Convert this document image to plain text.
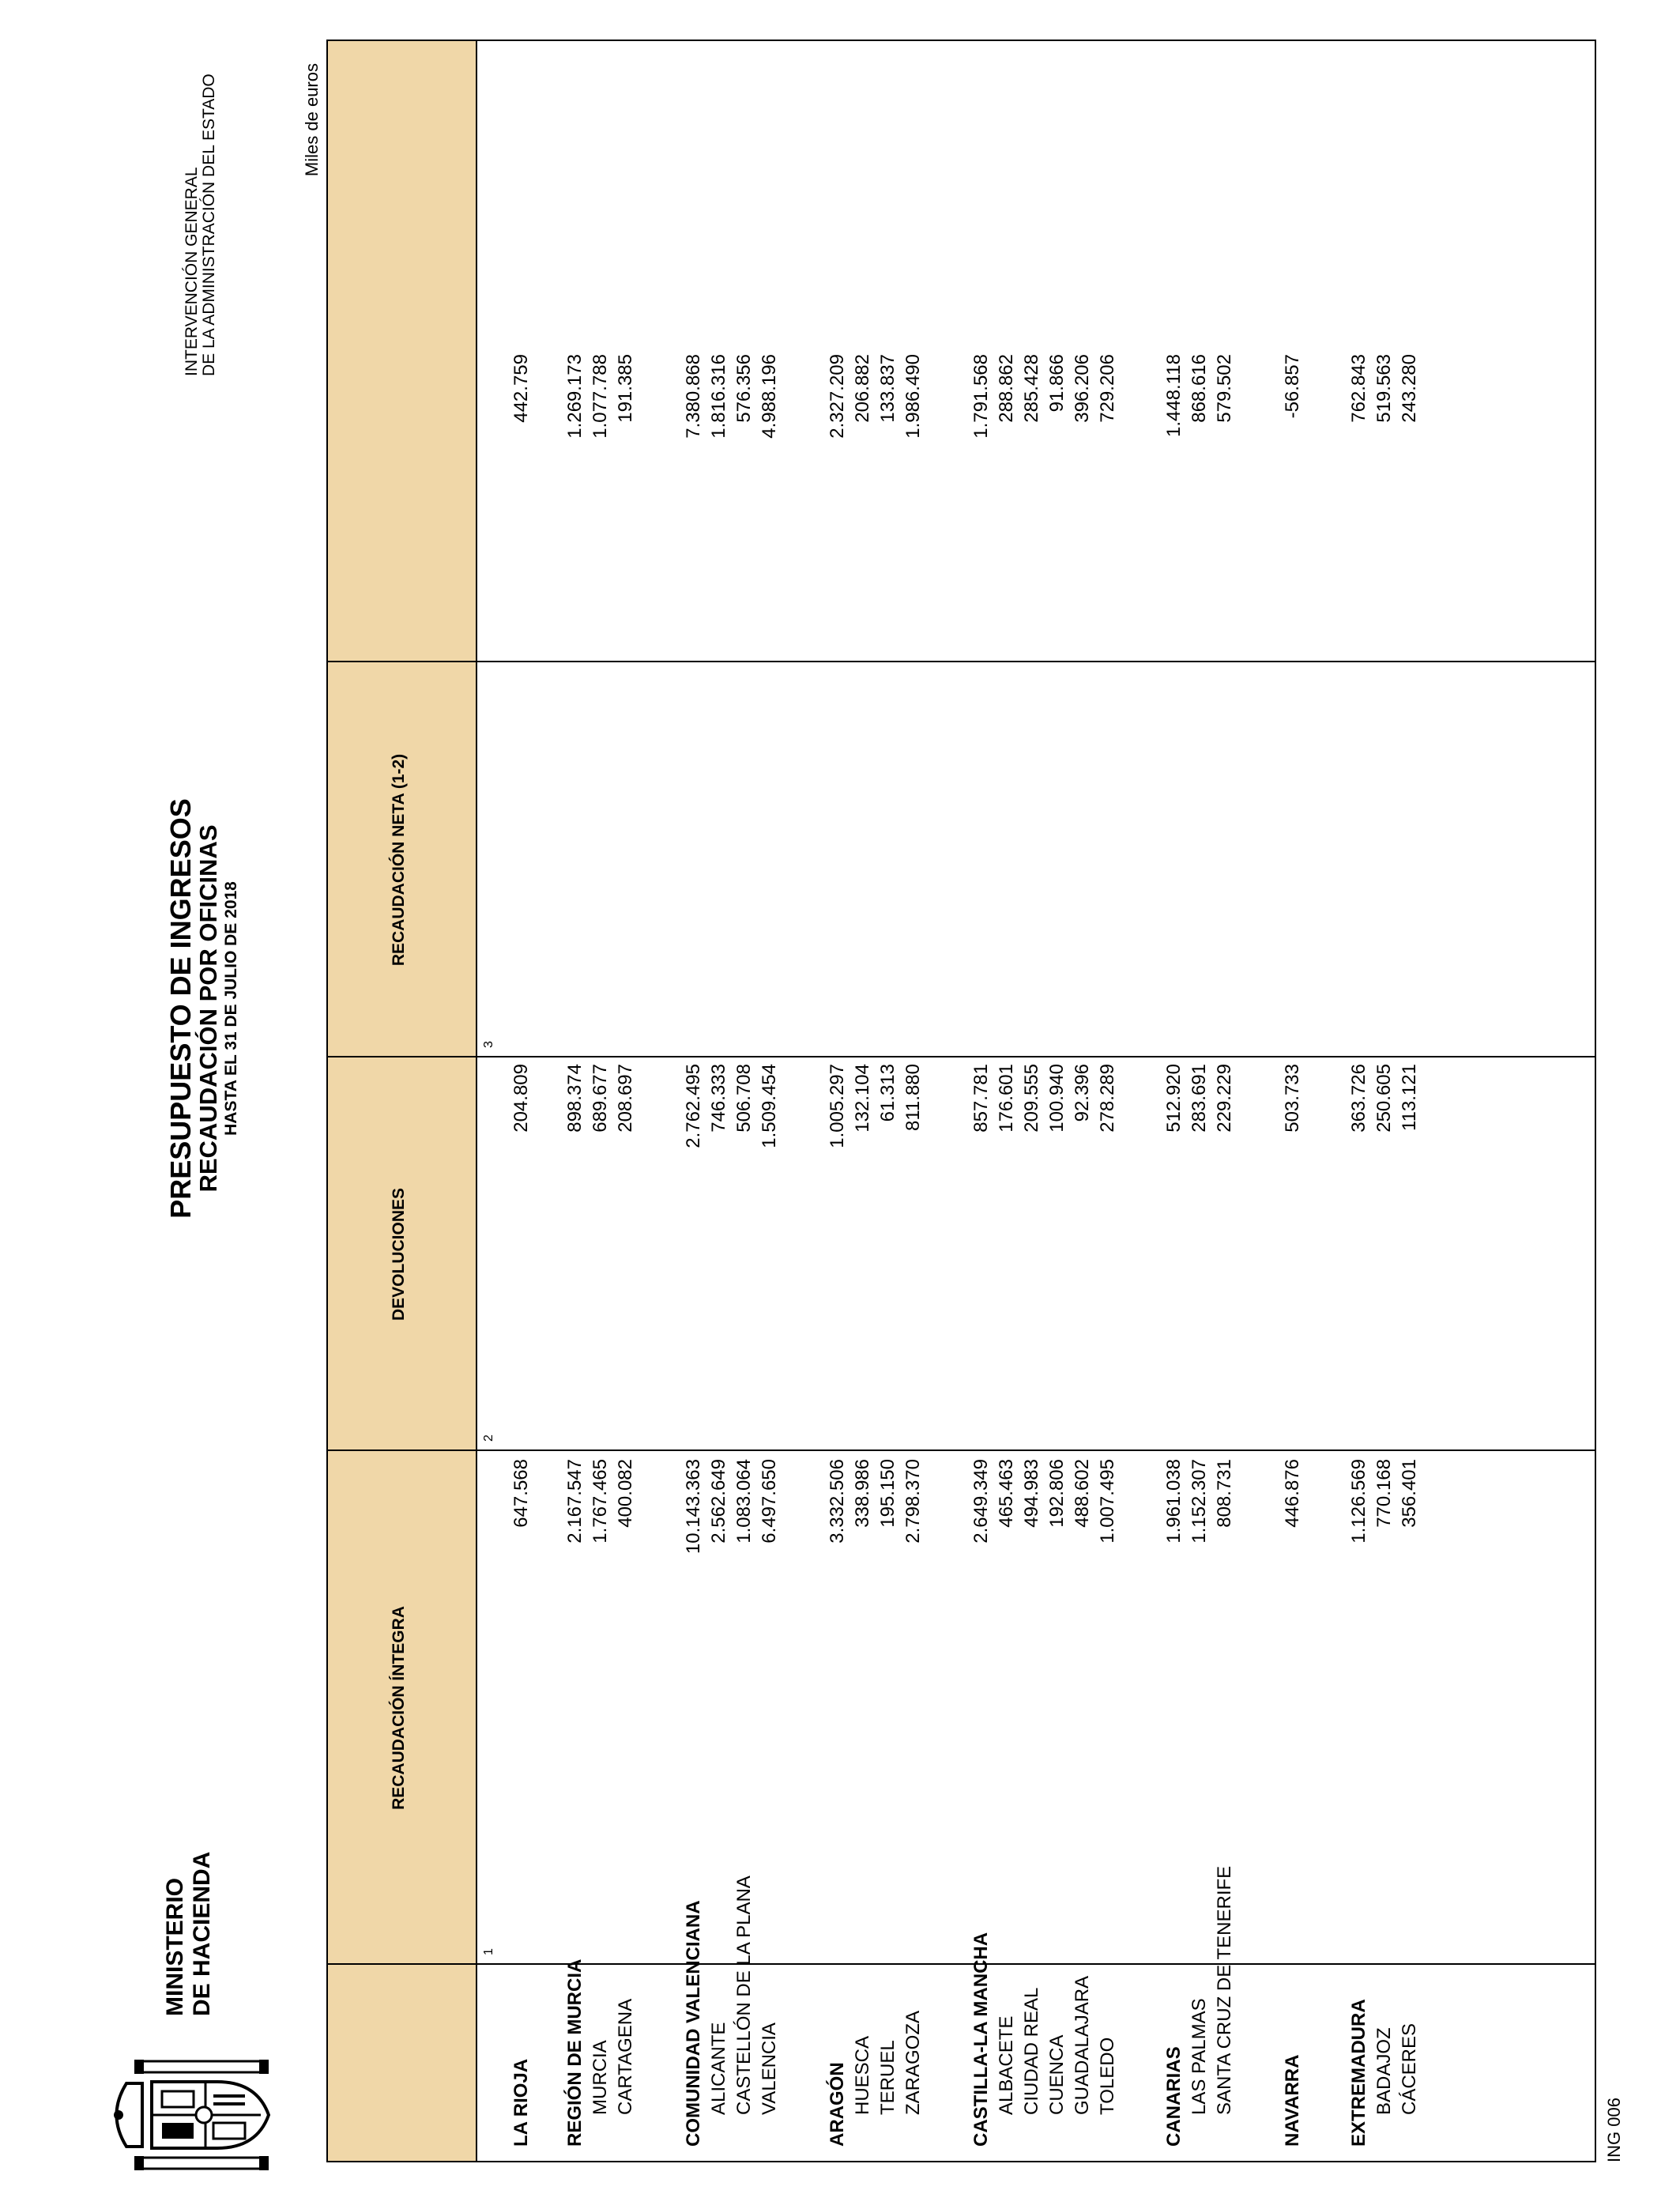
MINISTERIO DE HACIENDA
PRESUPUESTO DE INGRESOS
RECAUDACIÓN POR OFICINAS HASTA EL 31 DE JULIO DE 2018
INTERVENCIÓN GENERAL DE LA ADMINISTRACIÓN DEL ESTADO	Miles de euros
RECAUDACIÓN ÍNTEGRA
DEVOLUCIONES
RECAUDACIÓN NETA (1-2)
1
2
3
LA RIOJA
647.568
204.809
442.759
REGIÓN DE MURCIA
2.167.547
898.374
1.269.173
MURCIA
1.767.465
689.677
1.077.788
CARTAGENA
400.082
208.697
191.385
COMUNIDAD VALENCIANA
10.143.363
2.762.495
7.380.868
ALICANTE
2.562.649
746.333
1.816.316
CASTELLÓN DE LA PLANA
1.083.064
506.708
576.356
VALENCIA
6.497.650
1.509.454
4.988.196
ARAGÓN
3.332.506
1.005.297
2.327.209
HUESCA
338.986
132.104
206.882
TERUEL
195.150
61.313
133.837
ZARAGOZA
2.798.370
811.880
1.986.490
CASTILLA-LA MANCHA
2.649.349
857.781
1.791.568
ALBACETE
465.463
176.601
288.862
CIUDAD REAL
494.983
209.555
285.428
CUENCA
192.806
100.940
91.866
GUADALAJARA
488.602
92.396
396.206
TOLEDO
1.007.495
278.289
729.206
CANARIAS
1.961.038
512.920
1.448.118
LAS PALMAS
1.152.307
283.691
868.616
SANTA CRUZ DE TENERIFE
808.731
229.229
579.502
NAVARRA
446.876
503.733
-56.857
EXTREMADURA
1.126.569
363.726
762.843
BADAJOZ
770.168
250.605
519.563
CÁCERES
356.401
113.121
243.280
ING 006
